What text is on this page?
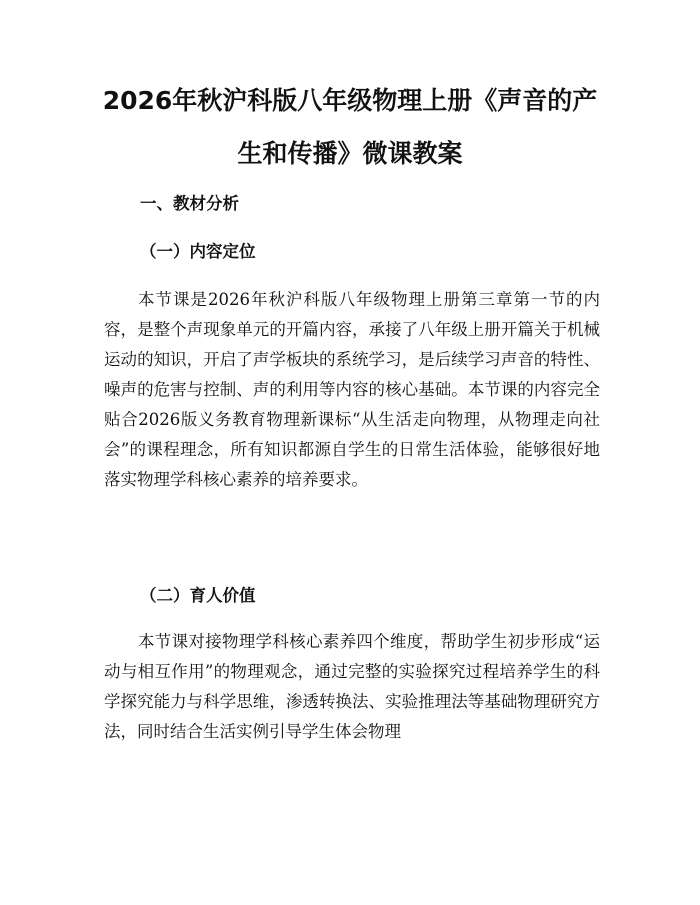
2026年秋沪科版八年级物理上册《声音的产
生和传播》微课教案
一、教材分析
（一）内容定位

本节课是2026年秋沪科版八年级物理上册第三章第一节的内容，是整个声现象单元的开篇内容，承接了八年级上册开篇关于机械运动的知识，开启了声学板块的系统学习，是后续学习声音的特性、噪声的危害与控制、声的利用等内容的核心基础。本节课的内容完全贴合2026版义务教育物理新课标“从生活走向物理，从物理走向社会”的课程理念，所有知识都源自学生的日常生活体验，能够很好地落实物理学科核心素养的培养要求。

（二）育人价值

本节课对接物理学科核心素养四个维度，帮助学生初步形成“运动与相互作用”的物理观念，通过完整的实验探究过程培养学生的科学探究能力与科学思维，渗透转换法、实验推理法等基础物理研究方法，同时结合生活实例引导学生体会物理
